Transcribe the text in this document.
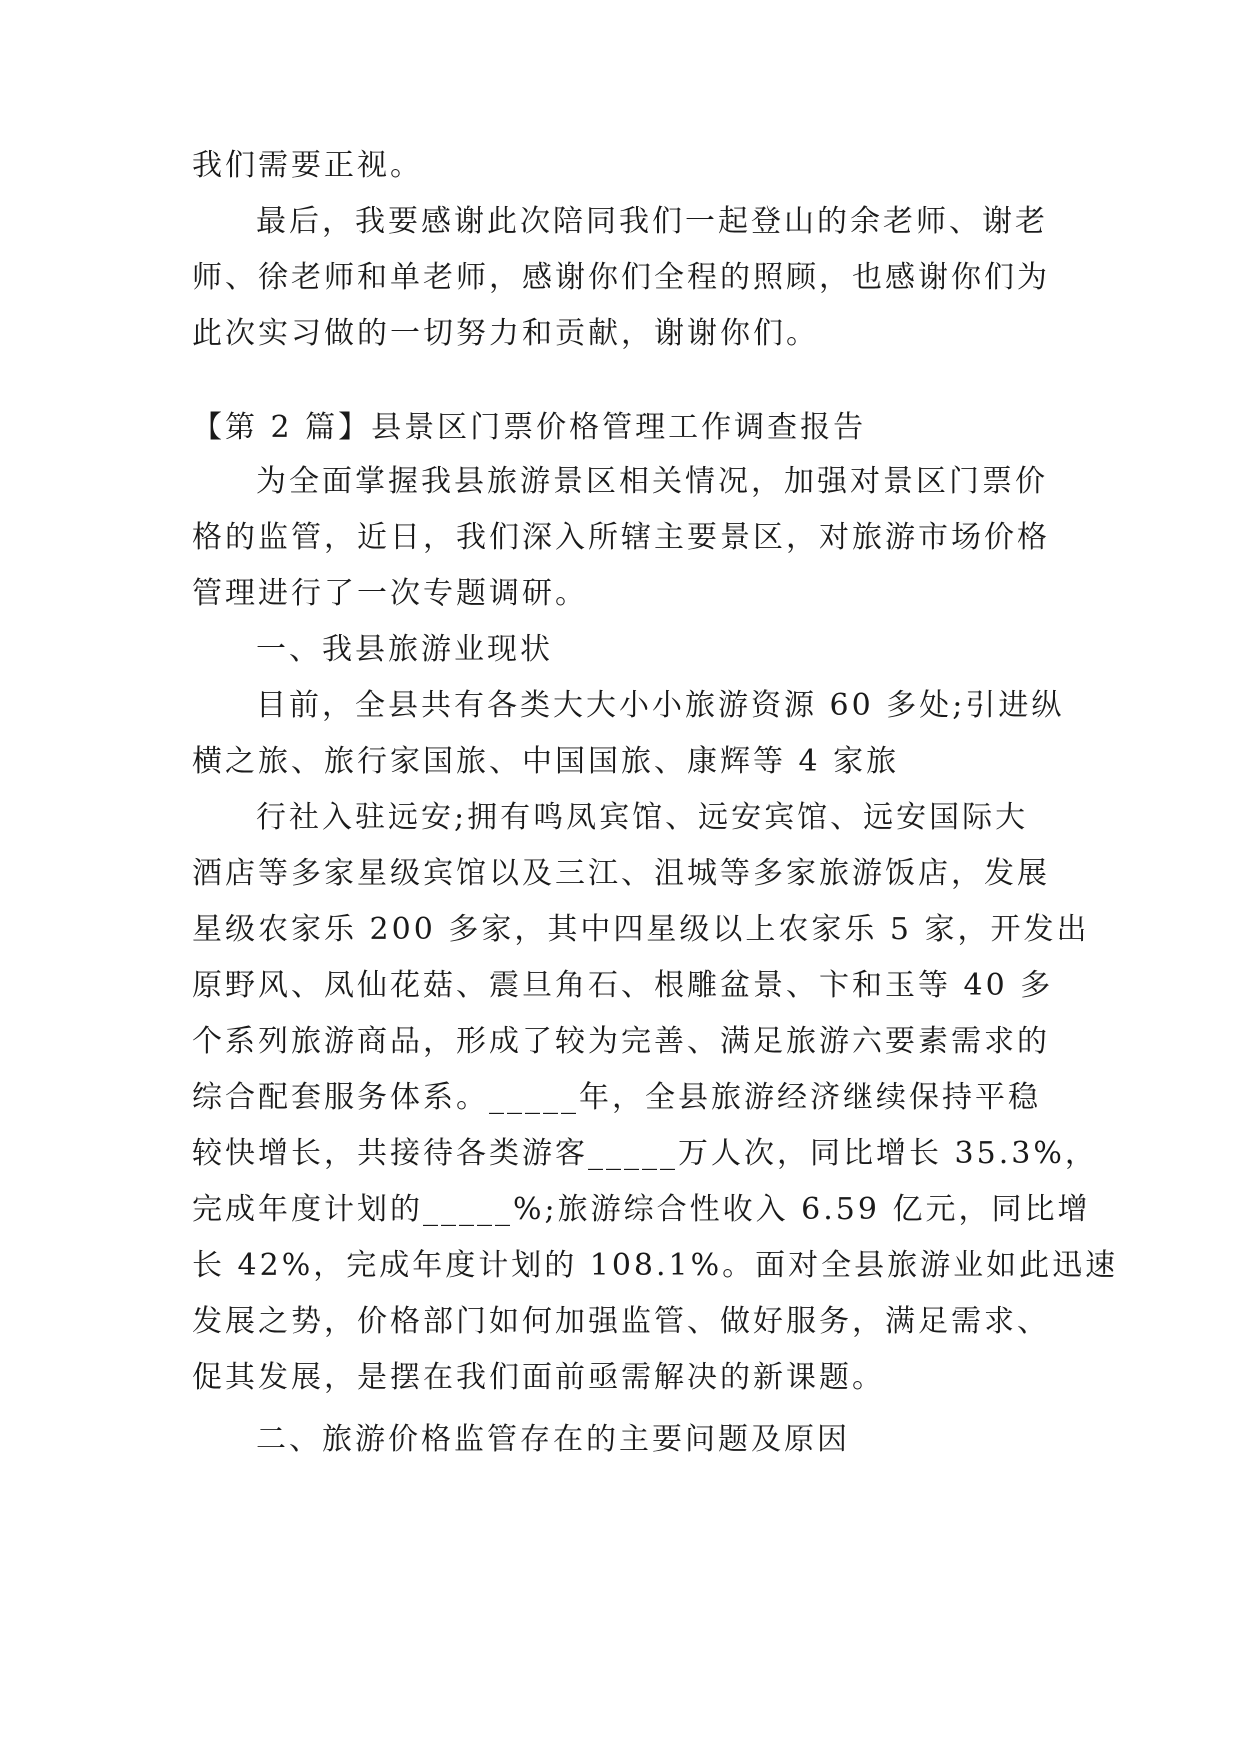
我们需要正视。

最后，我要感谢此次陪同我们一起登山的余老师、谢老

师、徐老师和单老师，感谢你们全程的照顾，也感谢你们为

此次实习做的一切努力和贡献，谢谢你们。

【第 2 篇】县景区门票价格管理工作调查报告

为全面掌握我县旅游景区相关情况，加强对景区门票价

格的监管，近日，我们深入所辖主要景区，对旅游市场价格

管理进行了一次专题调研。

一、我县旅游业现状

目前，全县共有各类大大小小旅游资源 60 多处;引进纵

横之旅、旅行家国旅、中国国旅、康辉等 4 家旅

行社入驻远安;拥有鸣凤宾馆、远安宾馆、远安国际大

酒店等多家星级宾馆以及三江、沮城等多家旅游饭店，发展

星级农家乐 200 多家，其中四星级以上农家乐 5 家，开发出

原野风、凤仙花菇、震旦角石、根雕盆景、卞和玉等 40 多

个系列旅游商品，形成了较为完善、满足旅游六要素需求的

综合配套服务体系。_____年，全县旅游经济继续保持平稳

较快增长，共接待各类游客_____万人次，同比增长 35.3%，

完成年度计划的_____%;旅游综合性收入 6.59 亿元，同比增

长 42%，完成年度计划的 108.1%。面对全县旅游业如此迅速

发展之势，价格部门如何加强监管、做好服务，满足需求、

促其发展，是摆在我们面前亟需解决的新课题。

二、旅游价格监管存在的主要问题及原因
